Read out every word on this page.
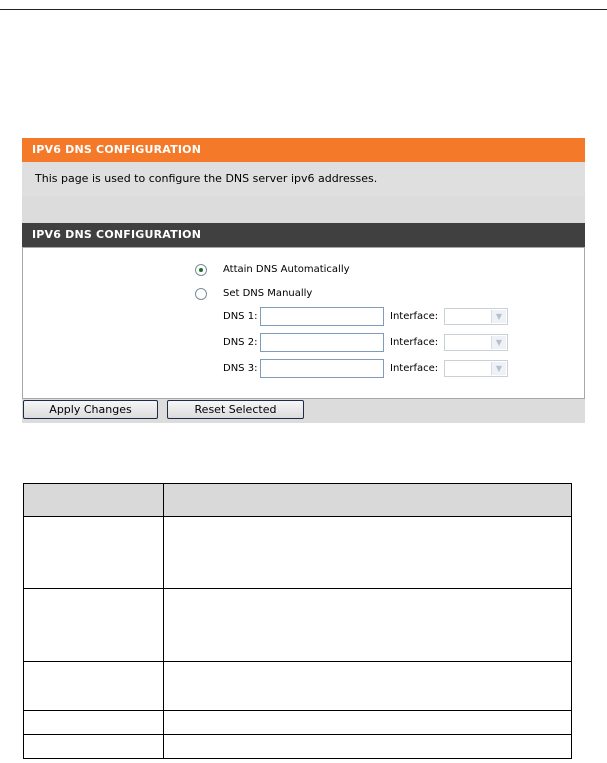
IPV6 DNS CONFIGURATION
This page is used to configure the DNS server ipv6 addresses.
IPV6 DNS CONFIGURATION
Attain DNS Automatically
Set DNS Manually
DNS 1:	Interface:	▼
DNS 2:	Interface:	▼
DNS 3:	Interface:	▼
Apply Changes	Reset Selected
